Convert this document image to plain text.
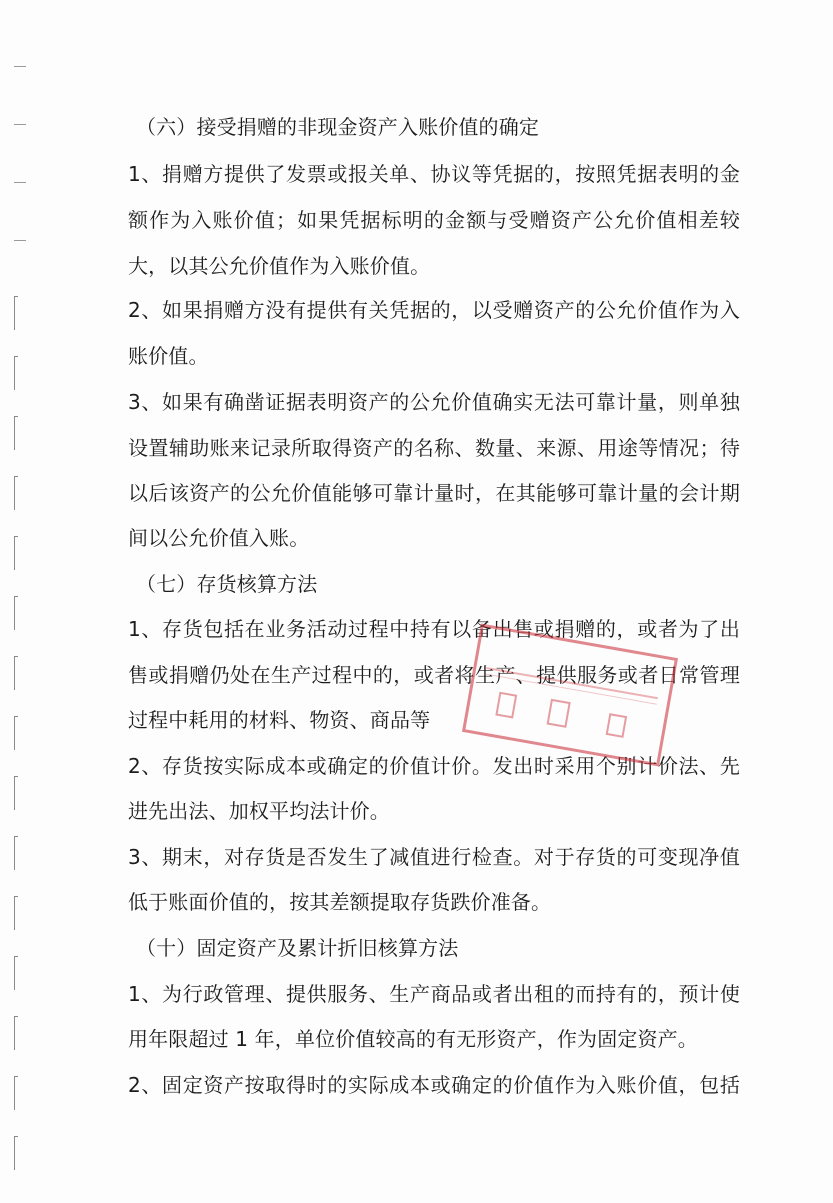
（六）接受捐赠的非现金资产入账价值的确定
1、捐赠方提供了发票或报关单、协议等凭据的，按照凭据表明的金
额作为入账价值；如果凭据标明的金额与受赠资产公允价值相差较
大，以其公允价值作为入账价值。
2、如果捐赠方没有提供有关凭据的，以受赠资产的公允价值作为入
账价值。
3、如果有确凿证据表明资产的公允价值确实无法可靠计量，则单独
设置辅助账来记录所取得资产的名称、数量、来源、用途等情况；待
以后该资产的公允价值能够可靠计量时，在其能够可靠计量的会计期
间以公允价值入账。
（七）存货核算方法
1、存货包括在业务活动过程中持有以备出售或捐赠的，或者为了出
售或捐赠仍处在生产过程中的，或者将生产、提供服务或者日常管理
过程中耗用的材料、物资、商品等
2、存货按实际成本或确定的价值计价。发出时采用个别计价法、先
进先出法、加权平均法计价。
3、期末，对存货是否发生了减值进行检查。对于存货的可变现净值
低于账面价值的，按其差额提取存货跌价准备。
（十）固定资产及累计折旧核算方法
1、为行政管理、提供服务、生产商品或者出租的而持有的，预计使
用年限超过 1 年，单位价值较高的有无形资产，作为固定资产。
2、固定资产按取得时的实际成本或确定的价值作为入账价值，包括
